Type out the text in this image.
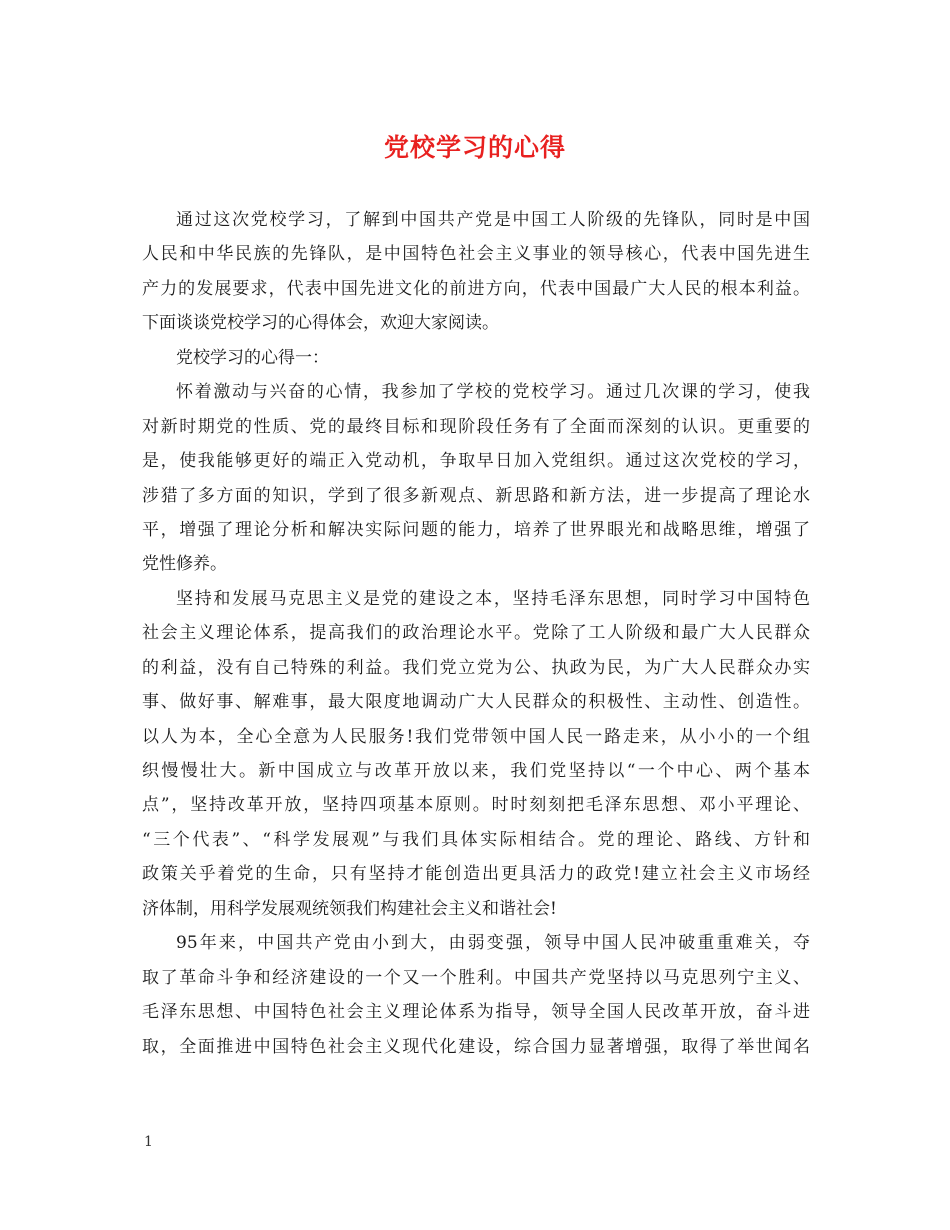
党校学习的心得
通过这次党校学习，了解到中国共产党是中国工人阶级的先锋队，同时是中国
人民和中华民族的先锋队，是中国特色社会主义事业的领导核心，代表中国先进生
产力的发展要求，代表中国先进文化的前进方向，代表中国最广大人民的根本利益。
下面谈谈党校学习的心得体会，欢迎大家阅读。
党校学习的心得一：
怀着激动与兴奋的心情，我参加了学校的党校学习。通过几次课的学习，使我
对新时期党的性质、党的最终目标和现阶段任务有了全面而深刻的认识。更重要的
是，使我能够更好的端正入党动机，争取早日加入党组织。通过这次党校的学习，
涉猎了多方面的知识，学到了很多新观点、新思路和新方法，进一步提高了理论水
平，增强了理论分析和解决实际问题的能力，培养了世界眼光和战略思维，增强了
党性修养。
坚持和发展马克思主义是党的建设之本，坚持毛泽东思想，同时学习中国特色
社会主义理论体系，提高我们的政治理论水平。党除了工人阶级和最广大人民群众
的利益，没有自己特殊的利益。我们党立党为公、执政为民，为广大人民群众办实
事、做好事、解难事，最大限度地调动广大人民群众的积极性、主动性、创造性。
以人为本，全心全意为人民服务!我们党带领中国人民一路走来，从小小的一个组
织慢慢壮大。新中国成立与改革开放以来，我们党坚持以“一个中心、两个基本
点”，坚持改革开放，坚持四项基本原则。时时刻刻把毛泽东思想、邓小平理论、
“三个代表”、“科学发展观”与我们具体实际相结合。党的理论、路线、方针和
政策关乎着党的生命，只有坚持才能创造出更具活力的政党!建立社会主义市场经
济体制，用科学发展观统领我们构建社会主义和谐社会!
95年来，中国共产党由小到大，由弱变强，领导中国人民冲破重重难关，夺
取了革命斗争和经济建设的一个又一个胜利。中国共产党坚持以马克思列宁主义、
毛泽东思想、中国特色社会主义理论体系为指导，领导全国人民改革开放，奋斗进
取，全面推进中国特色社会主义现代化建设，综合国力显著增强，取得了举世闻名
1
